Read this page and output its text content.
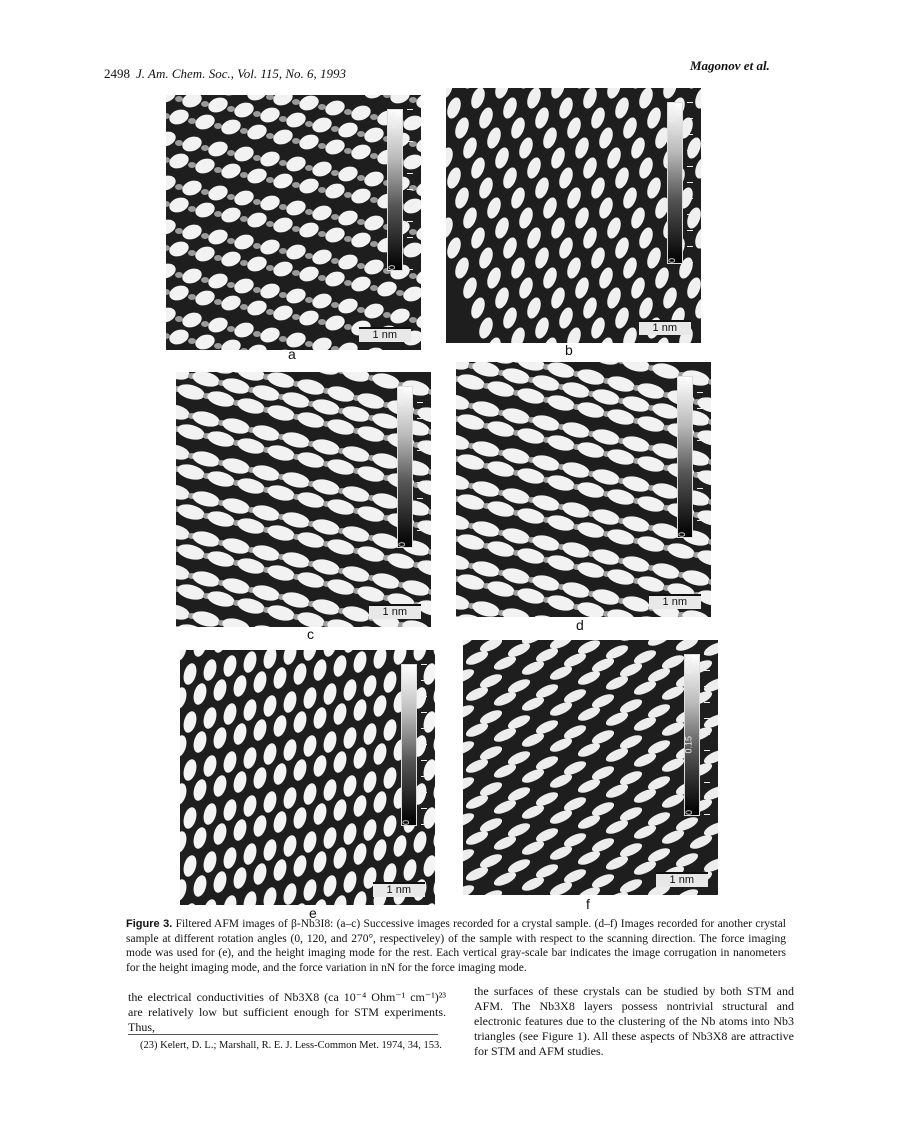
2498 J. Am. Chem. Soc., Vol. 115, No. 6, 1993
Magonov et al.
0.40
0
1 nm
a
0.50
0
1 nm
b
0.64
0
1 nm
c
1.0
0
1 nm
d
3.0
0
1 nm
e
0.30
0.15
0
1 nm
f
Figure 3. Filtered AFM images of β-Nb3I8: (a–c) Successive images recorded for a crystal sample. (d–f) Images recorded for another crystal sample at different rotation angles (0, 120, and 270°, respectiveley) of the sample with respect to the scanning direction. The force imaging mode was used for (e), and the height imaging mode for the rest. Each vertical gray-scale bar indicates the image corrugation in nanometers for the height imaging mode, and the force variation in nN for the force imaging mode.
the electrical conductivities of Nb3X8 (ca 10⁻⁴ Ohm⁻¹ cm⁻¹)²³ are relatively low but sufficient enough for STM experiments. Thus,
the surfaces of these crystals can be studied by both STM and AFM. The Nb3X8 layers possess nontrivial structural and electronic features due to the clustering of the Nb atoms into Nb3 triangles (see Figure 1). All these aspects of Nb3X8 are attractive for STM and AFM studies.
(23) Kelert, D. L.; Marshall, R. E. J. Less-Common Met. 1974, 34, 153.
